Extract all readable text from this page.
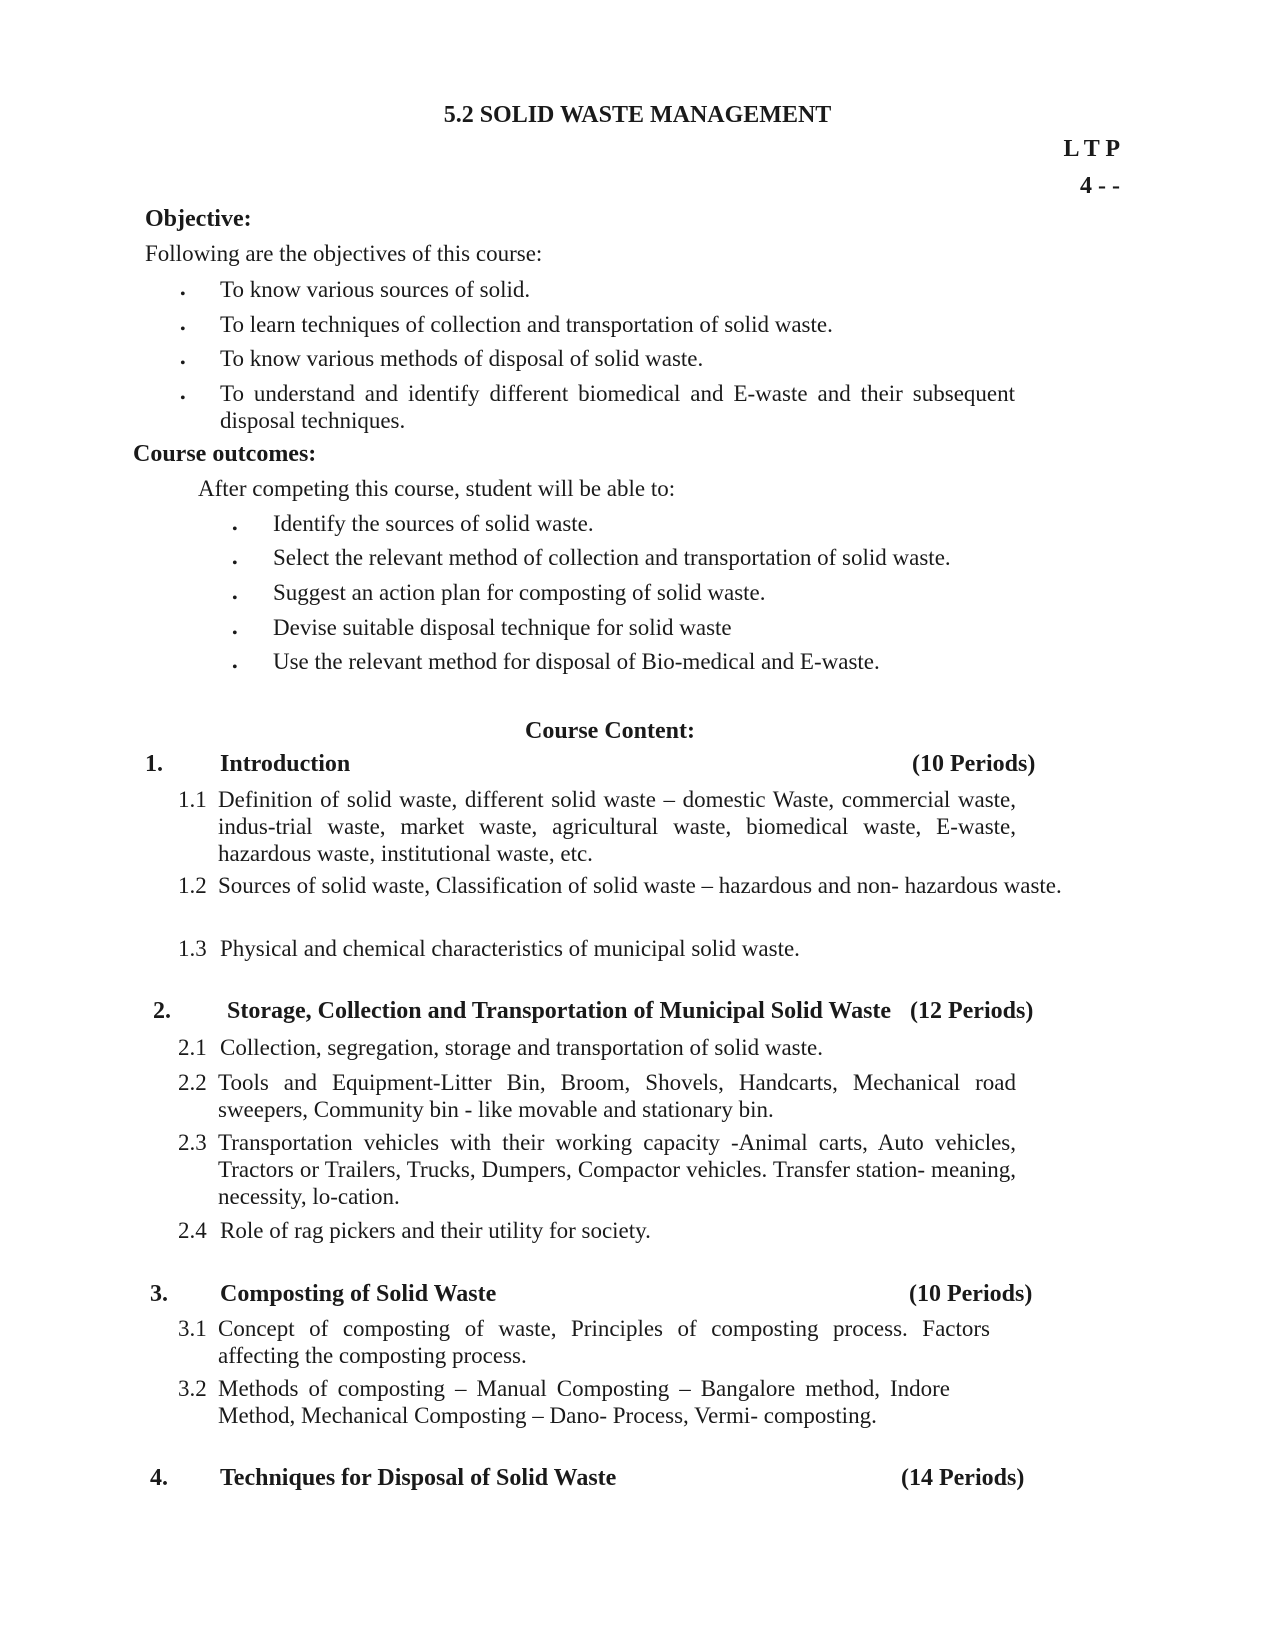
5.2 SOLID WASTE MANAGEMENT
L T P
4 - -
Objective:
Following are the objectives of this course:
• To know various sources of solid.
• To learn techniques of collection and transportation of solid waste.
• To know various methods of disposal of solid waste.
• To understand and identify different biomedical and E-waste and their subsequent disposal techniques.
Course outcomes:
After competing this course, student will be able to:
• Identify the sources of solid waste.
• Select the relevant method of collection and transportation of solid waste.
• Suggest an action plan for composting of solid waste.
• Devise suitable disposal technique for solid waste
• Use the relevant method for disposal of Bio-medical and E-waste.
Course Content:
1. Introduction	(10 Periods)
1.1 Definition of solid waste, different solid waste – domestic Waste, commercial waste, indus-trial waste, market waste, agricultural waste, biomedical waste, E-waste, hazardous waste, institutional waste, etc.
1.2 Sources of solid waste, Classification of solid waste – hazardous and non- hazardous waste.
1.3 Physical and chemical characteristics of municipal solid waste.
2. Storage, Collection and Transportation of Municipal Solid Waste (12 Periods)
2.1 Collection, segregation, storage and transportation of solid waste.
2.2 Tools and Equipment-Litter Bin, Broom, Shovels, Handcarts, Mechanical road sweepers, Community bin - like movable and stationary bin.
2.3 Transportation vehicles with their working capacity -Animal carts, Auto vehicles, Tractors or Trailers, Trucks, Dumpers, Compactor vehicles. Transfer station- meaning, necessity, lo-cation.
2.4 Role of rag pickers and their utility for society.
3. Composting of Solid Waste	(10 Periods)
3.1 Concept of composting of waste, Principles of composting process. Factors affecting the composting process.
3.2 Methods of composting – Manual Composting – Bangalore method, Indore Method, Mechanical Composting – Dano- Process, Vermi- composting.
4. Techniques for Disposal of Solid Waste	(14 Periods)
